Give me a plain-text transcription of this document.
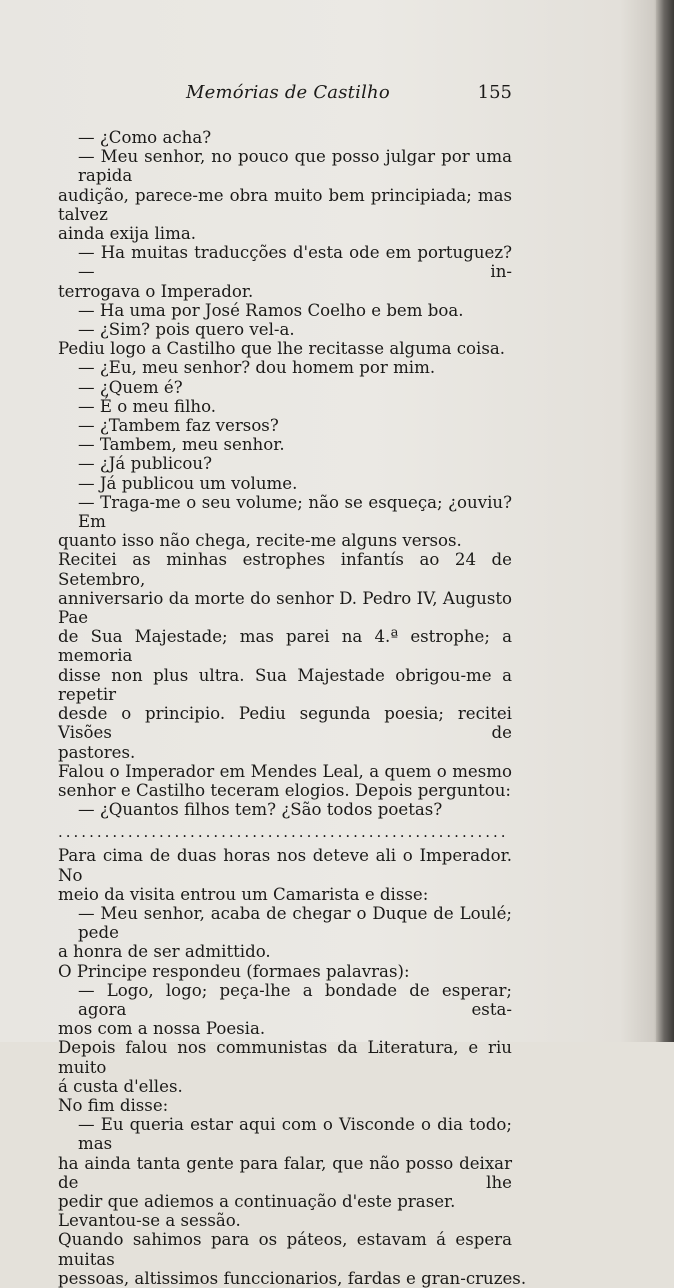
Memórias de Castilho	155
— ¿Como acha?
— Meu senhor, no pouco que posso julgar por uma rapida
audição, parece-me obra muito bem principiada; mas talvez
ainda exija lima.
— Ha muitas traducções d'esta ode em portuguez? — in-
terrogava o Imperador.
— Ha uma por José Ramos Coelho e bem boa.
— ¿Sim? pois quero vel-a.
Pediu logo a Castilho que lhe recitasse alguma coisa.
— ¿Eu, meu senhor? dou homem por mim.
— ¿Quem é?
— É o meu filho.
— ¿Tambem faz versos?
— Tambem, meu senhor.
— ¿Já publicou?
— Já publicou um volume.
— Traga-me o seu volume; não se esqueça; ¿ouviu? Em
quanto isso não chega, recite-me alguns versos.
Recitei as minhas estrophes infantís ao 24 de Setembro,
anniversario da morte do senhor D. Pedro IV, Augusto Pae
de Sua Majestade; mas parei na 4.ª estrophe; a memoria
disse non plus ultra. Sua Majestade obrigou-me a repetir
desde o principio. Pediu segunda poesia; recitei Visões de
pastores.
Falou o Imperador em Mendes Leal, a quem o mesmo
senhor e Castilho teceram elogios. Depois perguntou:
— ¿Quantos filhos tem? ¿São todos poetas?
..........................................................
Para cima de duas horas nos deteve ali o Imperador. No
meio da visita entrou um Camarista e disse:
— Meu senhor, acaba de chegar o Duque de Loulé; pede
a honra de ser admittido.
O Principe respondeu (formaes palavras):
— Logo, logo; peça-lhe a bondade de esperar; agora esta-
mos com a nossa Poesia.
Depois falou nos communistas da Literatura, e riu muito
á custa d'elles.
No fim disse:
— Eu queria estar aqui com o Visconde o dia todo; mas
ha ainda tanta gente para falar, que não posso deixar de lhe
pedir que adiemos a continuação d'este praser.
Levantou-se a sessão.
Quando sahimos para os páteos, estavam á espera muitas
pessoas, altissimos funccionarios, fardas e gran-cruzes.
